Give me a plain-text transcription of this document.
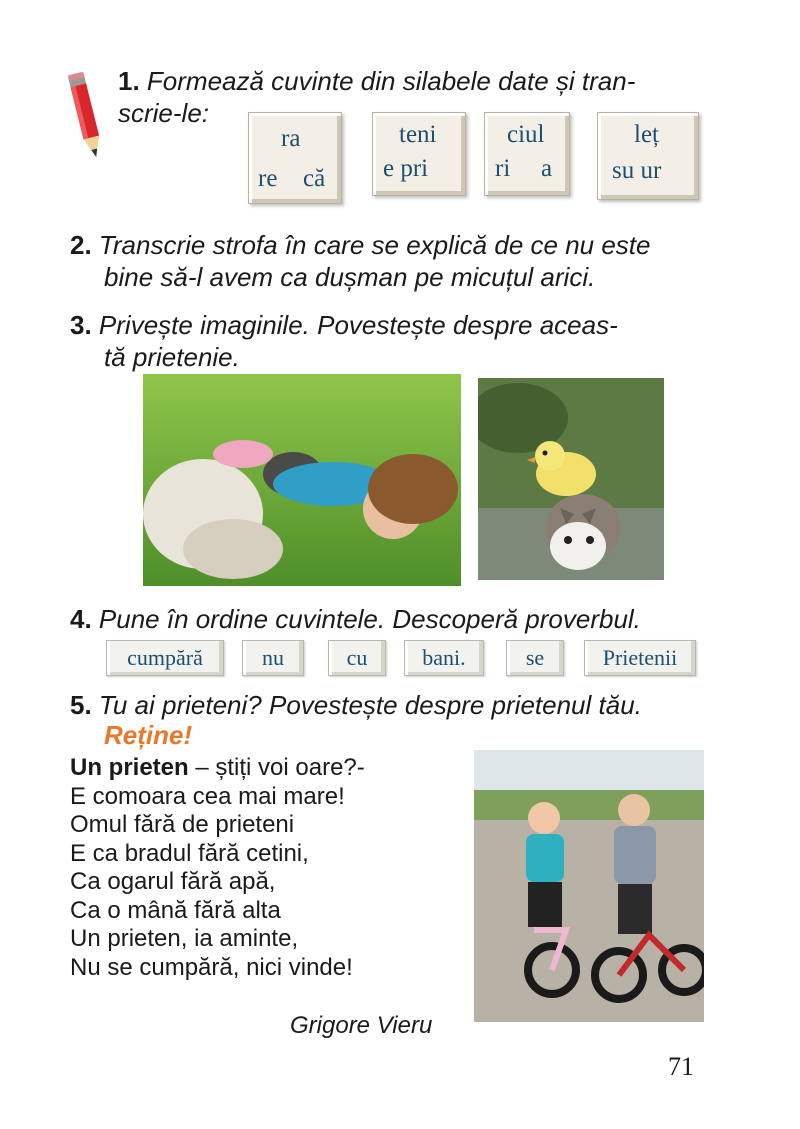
1. Formează cuvinte din silabele date și tran-
scrie-le:
ra
re că
teni
e pri
ciul
ri a
leț
su ur
2. Transcrie strofa în care se explică de ce nu este
bine să-l avem ca dușman pe micuțul arici.
3. Privește imaginile. Povestește despre aceas-
tă prietenie.
4. Pune în ordine cuvintele. Descoperă proverbul.
cumpără	nu	cu	bani.	se	Prietenii
5. Tu ai prieteni? Povestește despre prietenul tău.
Reține!
Un prieten – știți voi oare?-
E comoara cea mai mare!
Omul fără de prieteni
E ca bradul fără cetini,
Ca ogarul fără apă,
Ca o mână fără alta
Un prieten, ia aminte,
Nu se cumpără, nici vinde!
Grigore Vieru
71
